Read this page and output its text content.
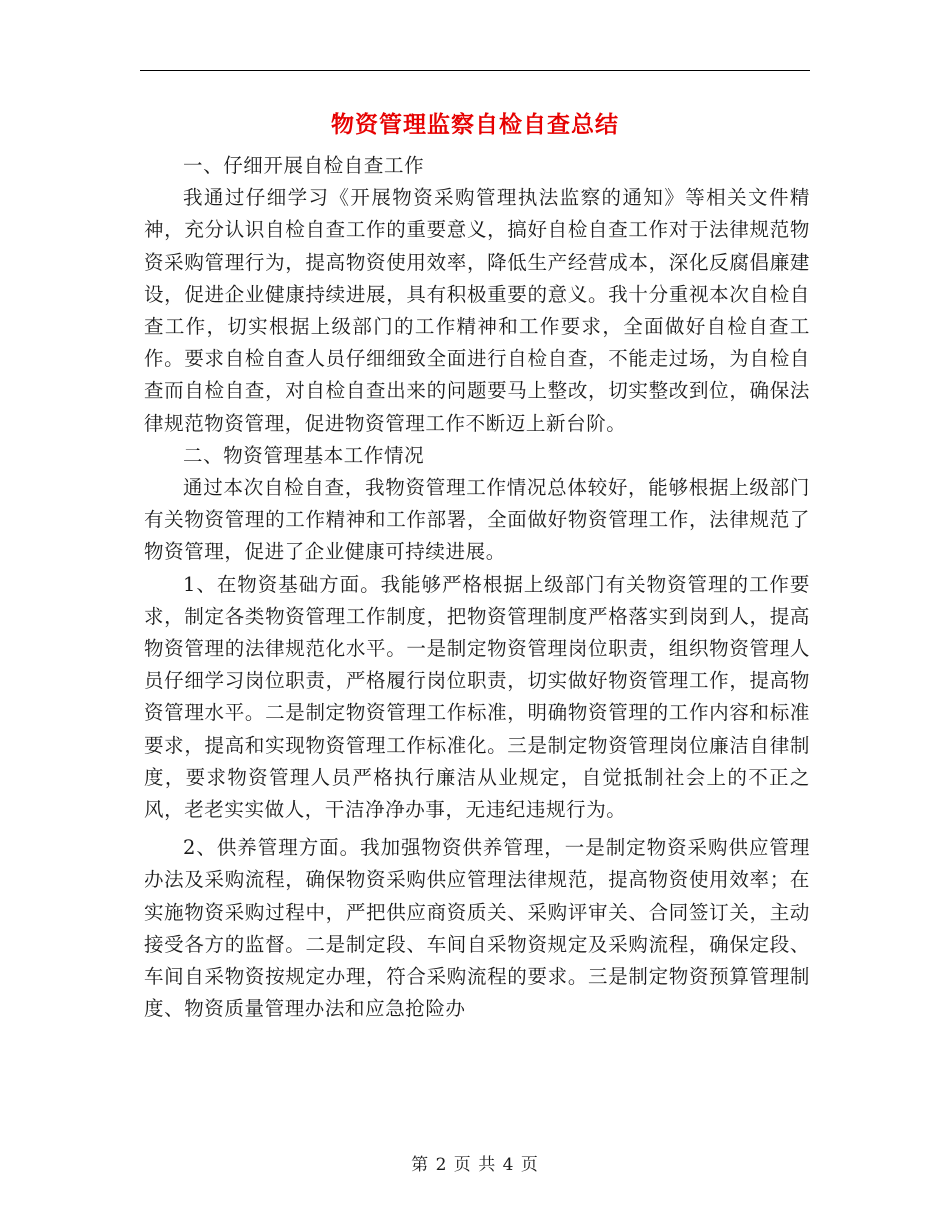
物资管理监察自检自查总结

一、仔细开展自检自查工作

我通过仔细学习《开展物资采购管理执法监察的通知》等相关文件精神，充分认识自检自查工作的重要意义，搞好自检自查工作对于法律规范物资采购管理行为，提高物资使用效率，降低生产经营成本，深化反腐倡廉建设，促进企业健康持续进展，具有积极重要的意义。我十分重视本次自检自查工作，切实根据上级部门的工作精神和工作要求，全面做好自检自查工作。要求自检自查人员仔细细致全面进行自检自查，不能走过场，为自检自查而自检自查，对自检自查出来的问题要马上整改，切实整改到位，确保法律规范物资管理，促进物资管理工作不断迈上新台阶。

二、物资管理基本工作情况

通过本次自检自查，我物资管理工作情况总体较好，能够根据上级部门有关物资管理的工作精神和工作部署，全面做好物资管理工作，法律规范了物资管理，促进了企业健康可持续进展。

1、在物资基础方面。我能够严格根据上级部门有关物资管理的工作要求，制定各类物资管理工作制度，把物资管理制度严格落实到岗到人，提高物资管理的法律规范化水平。一是制定物资管理岗位职责，组织物资管理人员仔细学习岗位职责，严格履行岗位职责，切实做好物资管理工作，提高物资管理水平。二是制定物资管理工作标准，明确物资管理的工作内容和标准要求，提高和实现物资管理工作标准化。三是制定物资管理岗位廉洁自律制度，要求物资管理人员严格执行廉洁从业规定，自觉抵制社会上的不正之风，老老实实做人，干洁净净办事，无违纪违规行为。

2、供养管理方面。我加强物资供养管理，一是制定物资采购供应管理办法及采购流程，确保物资采购供应管理法律规范，提高物资使用效率；在实施物资采购过程中，严把供应商资质关、采购评审关、合同签订关，主动接受各方的监督。二是制定段、车间自采物资规定及采购流程，确保定段、车间自采物资按规定办理，符合采购流程的要求。三是制定物资预算管理制度、物资质量管理办法和应急抢险办

第 2 页 共 4 页
